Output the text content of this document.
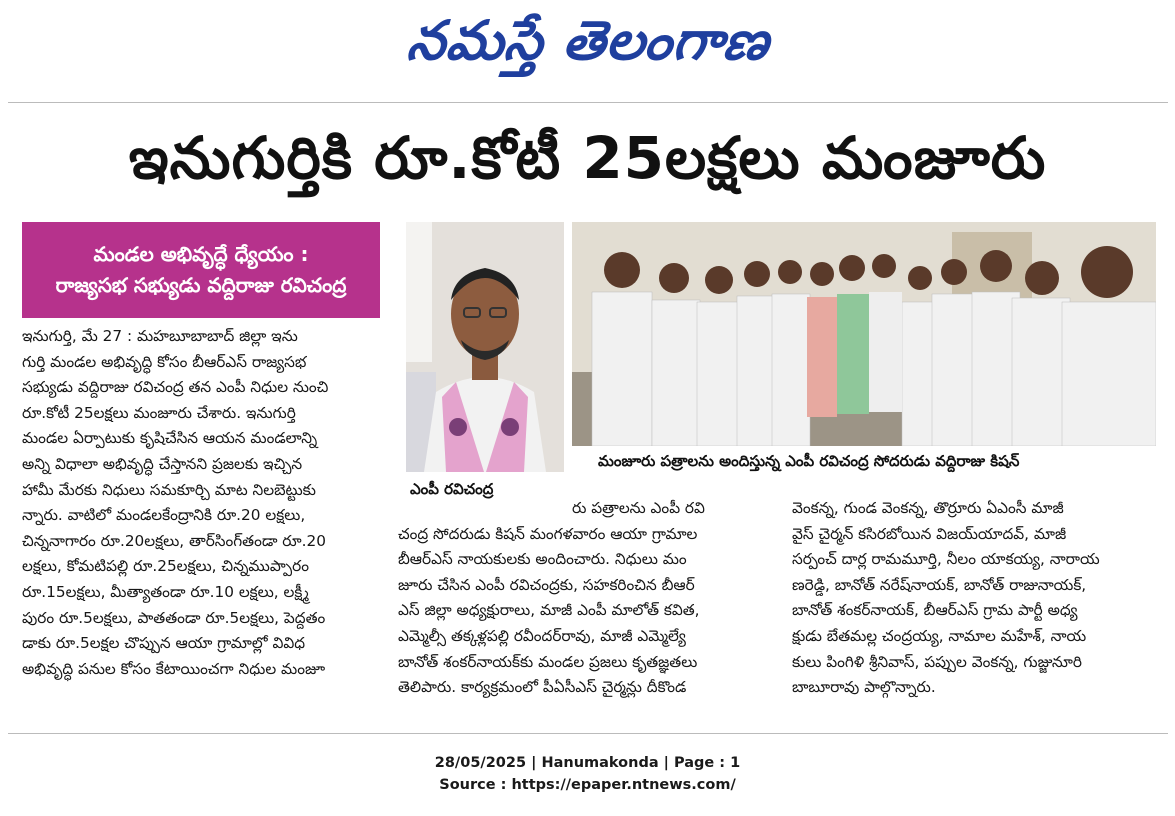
నమస్తే తెలంగాణ
ఇనుగుర్తికి రూ.కోటీ 25లక్షలు మంజూరు
మండల అభివృద్ధే ధ్యేయం :
రాజ్యసభ సభ్యుడు వద్దిరాజు రవిచంద్ర

ఇనుగుర్తి, మే 27 : మహబూబాబాద్ జిల్లా ఇను

గుర్తి మండల అభివృద్ధి కోసం బీఆర్ఎస్ రాజ్యసభ

సభ్యుడు వద్దిరాజు రవిచంద్ర తన ఎంపీ నిధుల నుంచి

రూ.కోటీ 25లక్షలు మంజూరు చేశారు. ఇనుగుర్తి

మండల ఏర్పాటుకు కృషిచేసిన ఆయన మండలాన్ని

అన్ని విధాలా అభివృద్ధి చేస్తానని ప్రజలకు ఇచ్చిన

హామీ మేరకు నిధులు సమకూర్చి మాట నిలబెట్టుకు

న్నారు. వాటిలో మండలకేంద్రానికి రూ.20 లక్షలు,

చిన్ననాగారం రూ.20లక్షలు, తార్‌సింగ్‌తండా రూ.20

లక్షలు, కోమటిపల్లి రూ.25లక్షలు, చిన్నముప్పారం

రూ.15లక్షలు, మీత్యాతండా రూ.10 లక్షలు, లక్ష్మీ

పురం రూ.5లక్షలు, పాతతండా రూ.5లక్షలు, పెద్దతం

డాకు రూ.5లక్షల చొప్పున ఆయా గ్రామాల్లో వివిధ

అభివృద్ధి పనుల కోసం కేటాయించగా నిధుల మంజూ

ఎంపీ రవిచంద్ర
మంజూరు పత్రాలను అందిస్తున్న ఎంపీ రవిచంద్ర సోదరుడు వద్దిరాజు కిషన్

రు పత్రాలను ఎంపీ రవి

చంద్ర సోదరుడు కిషన్ మంగళవారం ఆయా గ్రామాల

బీఆర్ఎస్ నాయకులకు అందించారు. నిధులు మం

జూరు చేసిన ఎంపీ రవిచంద్రకు, సహకరించిన బీఆర్

ఎస్ జిల్లా అధ్యక్షురాలు, మాజీ ఎంపీ మాలోత్ కవిత,

ఎమ్మెల్సీ తక్కళ్లపల్లి రవీందర్‌రావు, మాజీ ఎమ్మెల్యే

బానోత్ శంకర్‌నాయక్‌కు మండల ప్రజలు కృతజ్ఞతలు

తెలిపారు. కార్యక్రమంలో పీఏసీఎస్ చైర్మన్లు దీకొండ

వెంకన్న, గుండ వెంకన్న, తొర్రూరు ఏఎంసీ మాజీ

వైస్ చైర్మన్ కసిరబోయిన విజయ్‌యాదవ్, మాజీ

సర్పంచ్ దార్ల రామమూర్తి, నీలం యాకయ్య, నారాయ

ణరెడ్డి, బానోత్ నరేష్‌నాయక్, బానోత్ రాజునాయక్,

బానోత్ శంకర్‌నాయక్, బీఆర్ఎస్ గ్రామ పార్టీ అధ్య

క్షుడు బేతమల్ల చంద్రయ్య, నామాల మహేశ్, నాయ

కులు పింగిళి శ్రీనివాస్, పప్పుల వెంకన్న, గుజ్జునూరి

బాబూరావు పాల్గొన్నారు.

28/05/2025 | Hanumakonda | Page : 1
Source : https://epaper.ntnews.com/
